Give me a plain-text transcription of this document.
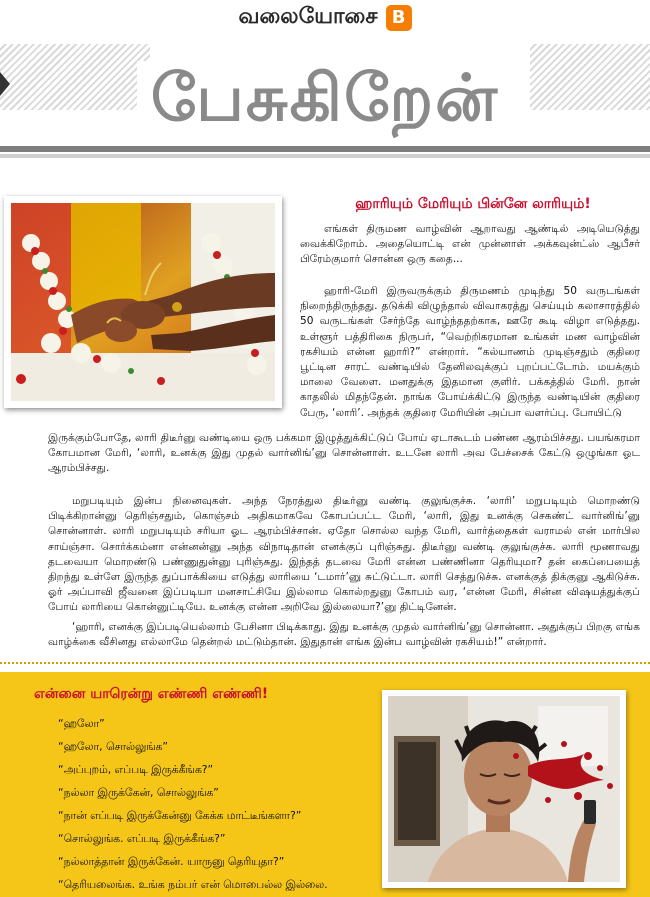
வலையோசை B
பேசுகிறேன்
ஹாரியும் மேரியும் பின்னே லாரியும்!

எங்கள் திருமண வாழ்வின் ஆறாவது ஆண்டில் அடியெடுத்து வைக்கிறோம். அதையொட்டி என் முன்னாள் அக்கவுன்ட்ஸ் ஆபீசர் பிரேம்குமார் சொன்ன ஒரு கதை...

ஹாரி-மேரி இருவருக்கும் திருமணம் முடிந்து 50 வருடங்கள் நிறைந்திருந்தது. தடுக்கி விழுந்தால் விவாகரத்து செய்யும் கலாசாரத்தில் 50 வருடங்கள் சேர்ந்தே வாழ்ந்ததற்காக, ஊரே கூடி விழா எடுத்தது. உள்ளூர் பத்திரிகை நிருபர், “வெற்றிகரமான உங்கள் மண வாழ்வின் ரகசியம் என்ன ஹாரி?” என்றார். “கல்யாணம் முடிஞ்சதும் குதிரை பூட்டின சாரட் வண்டியில் தேனிலவுக்குப் புறப்பட்டோம். மயக்கும் மாலை வேளை. மனதுக்கு இதமான குளிர். பக்கத்தில் மேரி. நான் காதலில் மிதந்தேன். நாங்க போய்க்கிட்டு இருந்த வண்டியின் குதிரை பேரு, ‘லாரி’. அந்தக் குதிரை மேரியின் அப்பா வளர்ப்பு. போயிட்டு

இருக்கும்போதே, லாரி திடீர்னு வண்டியை ஒரு பக்கமா இழுத்துக்கிட்டுப் போய் ஏடாகூடம் பண்ண ஆரம்பிச்சது. பயங்கரமா கோபமான மேரி, ‘லாரி, உனக்கு இது முதல் வார்னிங்’னு சொன்னாள். உடனே லாரி அவ பேச்சைக் கேட்டு ஒழுங்கா ஓட ஆரம்பிச்சது.

மறுபடியும் இன்ப நினைவுகள். அந்த நேரத்துல திடீர்னு வண்டி குலுங்குச்சு. ‘லாரி’ மறுபடியும் மொறண்டு பிடிக்கிறான்னு தெரிஞ்சதும், கொஞ்சம் அதிகமாகவே கோபப்பட்ட மேரி, ‘லாரி, இது உனக்கு செகண்ட் வார்னிங்’னு சொன்னாள். லாரி மறுபடியும் சரியா ஓட ஆரம்பிச்சான். ஏதோ சொல்ல வந்த மேரி, வார்த்தைகள் வராமல் என் மார்பில சாய்ஞ்சா. சொர்க்கம்னா என்னன்னு அந்த விநாடிதான் எனக்குப் புரிஞ்சுது. திடீர்னு வண்டி குலுங்குச்சு. லாரி மூணாவது தடவையா மொறண்டு பண்ணுதுன்னு புரிஞ்சுது. இந்தத் தடவை மேரி என்ன பண்ணினா தெரியுமா? தன் கைப்பையைத் திறந்து உள்ளே இருந்த துப்பாக்கியை எடுத்து லாரியை ‘டமார்’னு சுட்டுட்டா. லாரி செத்துடுச்சு. எனக்குத் திக்குனு ஆகிடுச்சு. ஓர் அப்பாவி ஜீவனை இப்படியா மனசாட்சியே இல்லாம கொல்றதுனு கோபம் வர, ‘என்ன மேரி, சின்ன விஷயத்துக்குப் போய் லாரியை கொன்னுட்டியே. உனக்கு என்ன அறிவே இல்லையா?’னு திட்டினேன்.

‘ஹாரி, எனக்கு இப்படியெல்லாம் பேசினா பிடிக்காது. இது உனக்கு முதல் வார்னிங்’னு சொன்னா. அதுக்குப் பிறகு எங்க வாழ்க்கை வீசினது எல்லாமே தென்றல் மட்டும்தான். இதுதான் எங்க இன்ப வாழ்வின் ரகசியம்!” என்றார்.

என்னை யாரென்று எண்ணி எண்ணி!
“ஹலோ”
“ஹலோ, சொல்லுங்க”
“அப்புறம், எப்படி இருக்கீங்க?”
“நல்லா இருக்கேன், சொல்லுங்க”
“நான் எப்படி இருக்கேன்னு கேக்க மாட்டீங்களா?”
“சொல்லுங்க. எப்படி இருக்கீங்க?”
“நல்லாத்தான் இருக்கேன். யாருனு தெரியுதா?”
“தெரியலைங்க. உங்க நம்பர் என் மொபைல்ல இல்லை.
